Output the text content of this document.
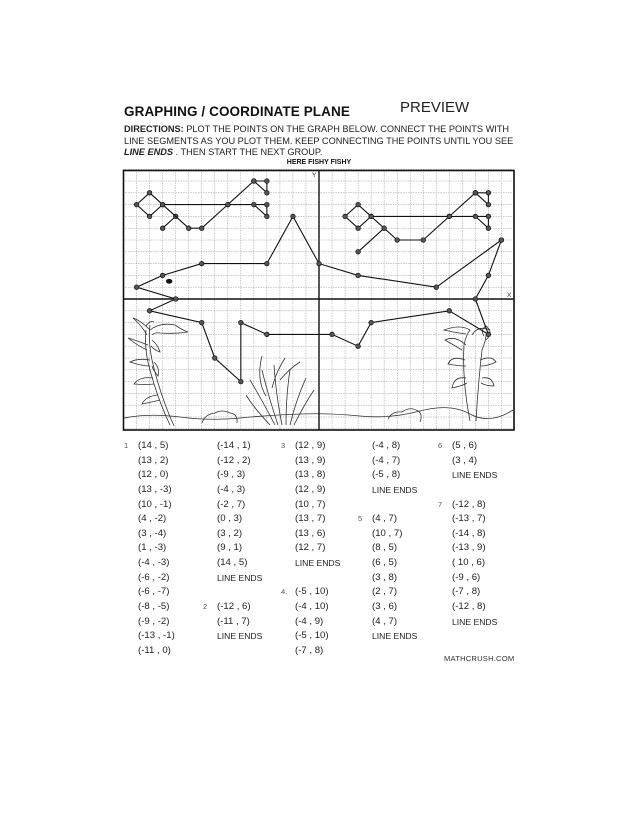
GRAPHING / COORDINATE PLANE	PREVIEW
DIRECTIONS: PLOT THE POINTS ON THE GRAPH BELOW. CONNECT THE POINTS WITH LINE SEGMENTS AS YOU PLOT THEM. KEEP CONNECTING THE POINTS UNTIL YOU SEE LINE ENDS . THEN START THE NEXT GROUP.
HERE FISHY FISHY
Y
X
1 (14 , 5)
(13 , 2)
(12 , 0)
(13 , -3)
(10 , -1)
(4 , -2)
(3 , -4)
(1 , -3)
(-4 , -3)
(-6 , -2)
(-6 , -7)
(-8 , -5)
(-9 , -2)
(-13 , -1)
(-11 , 0)
(-14 , 1)
(-12 , 2)
(-9 , 3)
(-4 , 3)
(-2 , 7)
(0 , 3)
(3 , 2)
(9 , 1)
(14 , 5)
LINE ENDS
2 (-12 , 6)
(-11 , 7)
LINE ENDS
3 (12 , 9)
(13 , 9)
(13 , 8)
(12 , 9)
(10 , 7)
(13 , 7)
(13 , 6)
(12 , 7)
LINE ENDS
4. (-5 , 10)
(-4 , 10)
(-4 , 9)
(-5 , 10)
(-7 , 8)
(-4 , 8)
(-4 , 7)
(-5 , 8)
LINE ENDS
5 (4 , 7)
(10 , 7)
(8 , 5)
(6 , 5)
(3 , 8)
(2 , 7)
(3 , 6)
(4 , 7)
LINE ENDS
6 (5 , 6)
(3 , 4)
LINE ENDS
7 (-12 , 8)
(-13 , 7)
(-14 , 8)
(-13 , 9)
( 10 , 6)
(-9 , 6)
(-7 , 8)
(-12 , 8)
LINE ENDS
MATHCRUSH.COM
